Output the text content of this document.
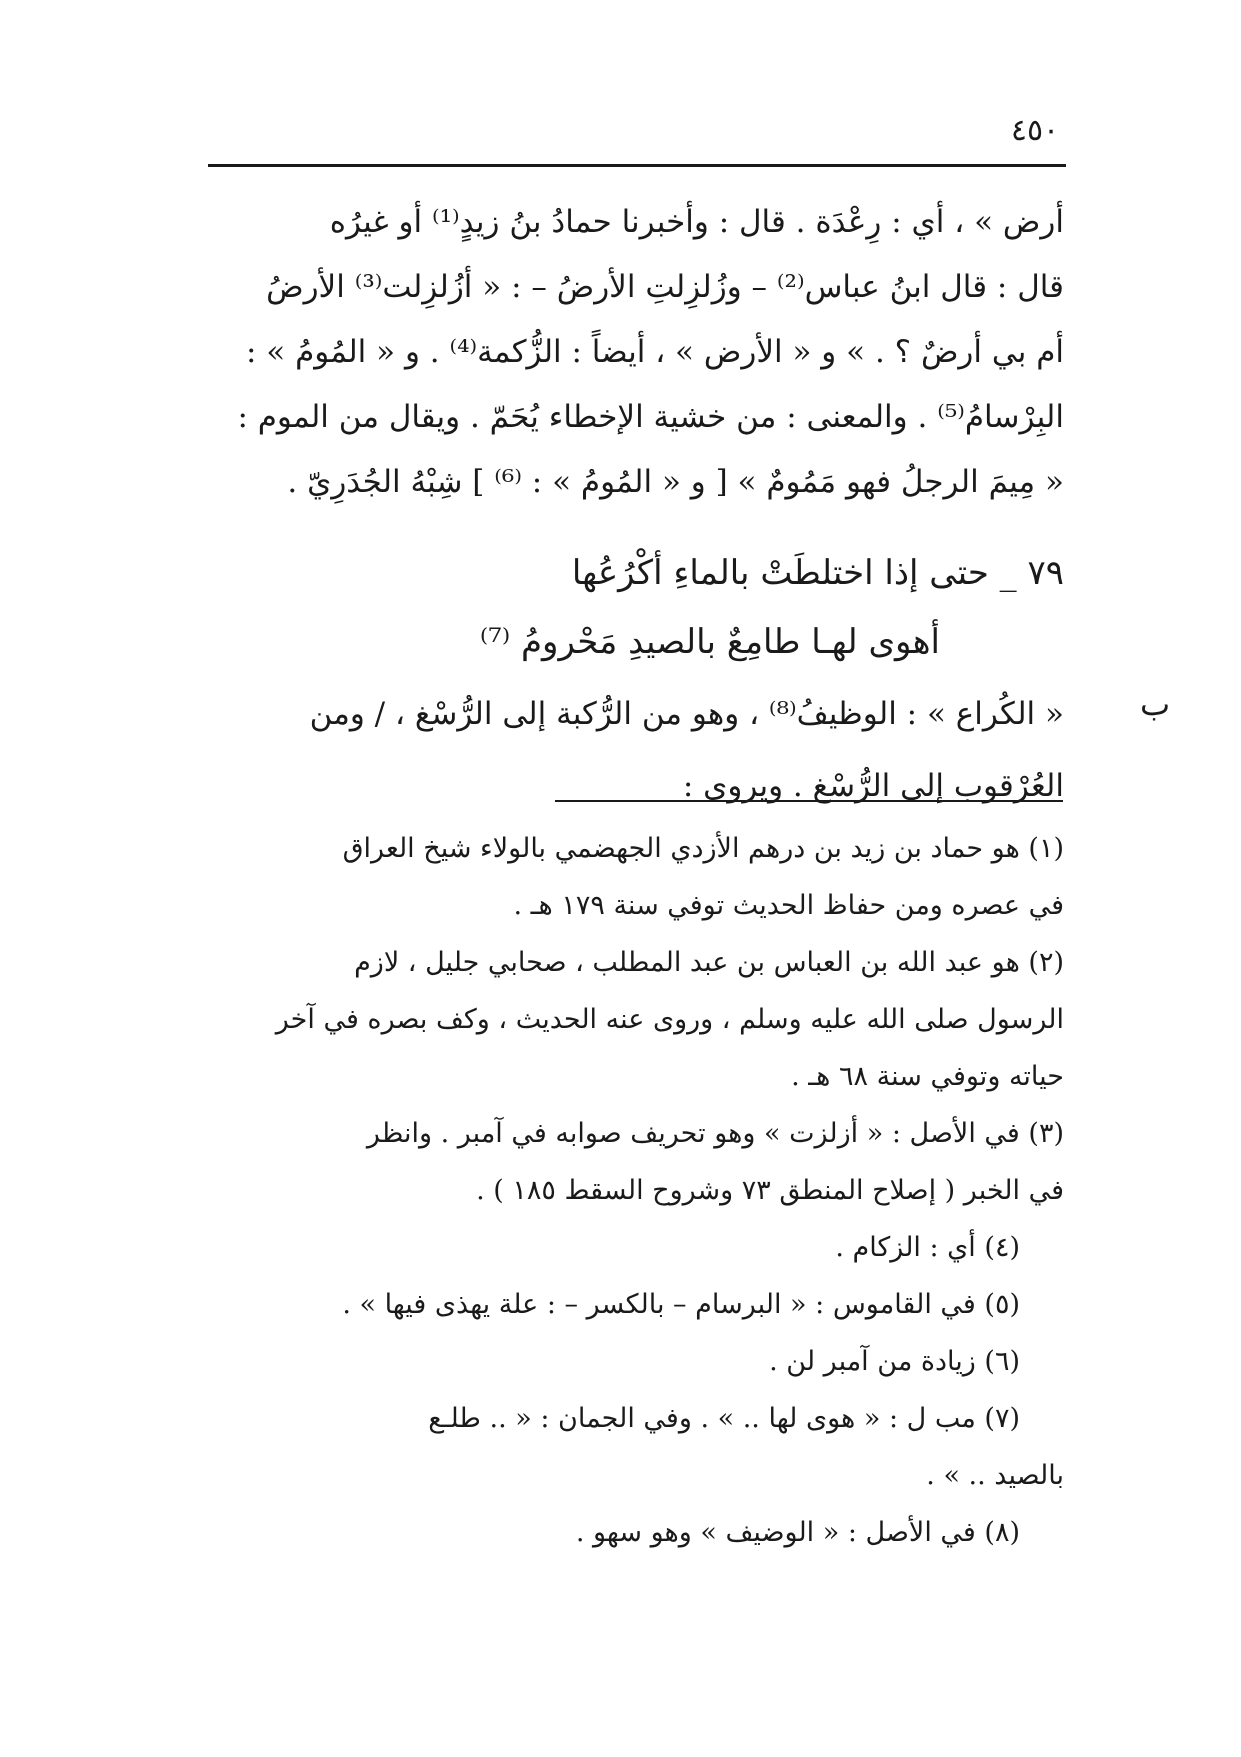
٤٥٠
أرض » ، أي : رِعْدَة . قال : وأخبرنا حمادُ بنُ زيدٍ⁽¹⁾ أو غيرُه
قال : قال ابنُ عباس⁽²⁾ – وزُلزِلتِ الأرضُ – : « أزُلزِلت⁽³⁾ الأرضُ
أم بي أرضٌ ؟ . » و « الأرض » ، أيضاً : الزُّكمة⁽⁴⁾ . و « المُومُ » :
البِرْسامُ⁽⁵⁾ . والمعنى : من خشية الإخطاء يُحَمّ . ويقال من الموم :
« مِيمَ الرجلُ فهو مَمُومٌ » [ و « المُومُ » : ⁽⁶⁾ ] شِبْهُ الجُدَرِيّ .
٧٩ _ حتى إذا اختلطَتْ بالماءِ أكْرُعُها
أهوى لهـا طامِعٌ بالصيدِ مَحْرومُ ⁽⁷⁾
ب
« الكُراع » : الوظيفُ⁽⁸⁾ ، وهو من الرُّكبة إلى الرُّسْغ ، / ومن
العُرْقوب إلى الرُّسْغ . ويروى :
(١) هو حماد بن زيد بن درهم الأزدي الجهضمي بالولاء شيخ العراق
في عصره ومن حفاظ الحديث توفي سنة ١٧٩ هـ .
(٢) هو عبد الله بن العباس بن عبد المطلب ، صحابي جليل ، لازم
الرسول صلى الله عليه وسلم ، وروى عنه الحديث ، وكف بصره في آخر
حياته وتوفي سنة ٦٨ هـ .
(٣) في الأصل : « أزلزت » وهو تحريف صوابه في آمبر . وانظر
في الخبر ( إصلاح المنطق ٧٣ وشروح السقط ١٨٥ ) .
(٤) أي : الزكام .
(٥) في القاموس : « البرسام – بالكسر – : علة يهذى فيها » .
(٦) زيادة من آمبر لن .
(٧) مب ل : « هوى لها .. » . وفي الجمان : « .. طلـع
بالصيد .. » .
(٨) في الأصل : « الوضيف » وهو سهو .
